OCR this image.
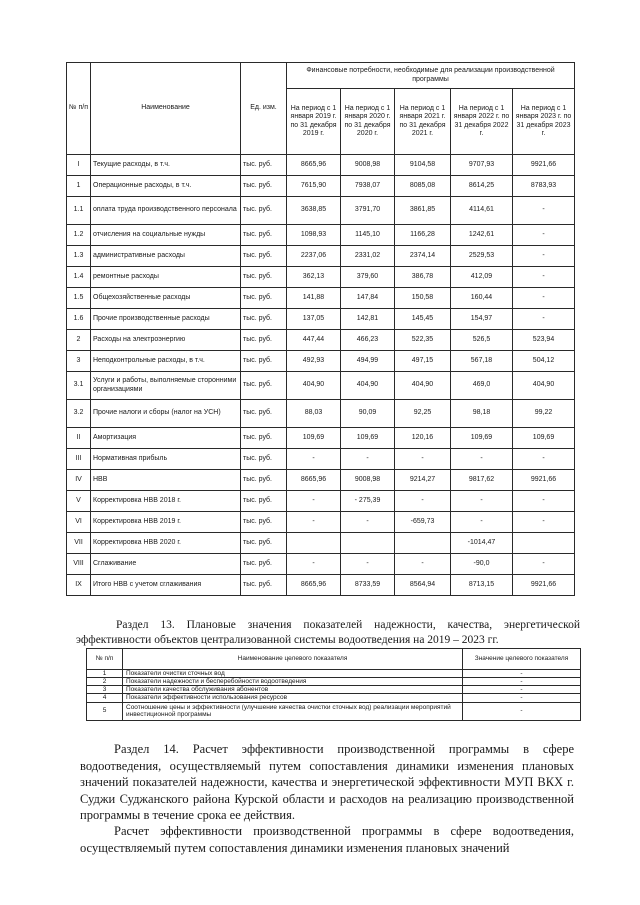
№ п/п	Наименование	Ед. изм.	Финансовые потребности, необходимые для реализации производственной программы				
			На период с 1 января 2019 г. по 31 декабря 2019 г.	На период с 1 января 2020 г. по 31 декабря 2020 г.	На период с 1 января 2021 г. по 31 декабря 2021 г.	На период с 1 января 2022 г. по 31 декабря 2022 г.	На период с 1 января 2023 г. по 31 декабря 2023 г.
I	Текущие расходы, в т.ч.	тыс. руб.	8665,96	9008,98	9104,58	9707,93	9921,66
1	Операционные расходы, в т.ч.	тыс. руб.	7615,90	7938,07	8085,08	8614,25	8783,93
1.1	оплата труда производственного персонала	тыс. руб.	3638,85	3791,70	3861,85	4114,61	-
1.2	отчисления на социальные нужды	тыс. руб.	1098,93	1145,10	1166,28	1242,61	-
1.3	административные расходы	тыс. руб.	2237,06	2331,02	2374,14	2529,53	-
1.4	ремонтные расходы	тыс. руб.	362,13	379,60	386,78	412,09	-
1.5	Общехозяйственные расходы	тыс. руб.	141,88	147,84	150,58	160,44	-
1.6	Прочие производственные расходы	тыс. руб.	137,05	142,81	145,45	154,97	-
2	Расходы на электроэнергию	тыс. руб.	447,44	466,23	522,35	526,5	523,94
3	Неподконтрольные расходы, в т.ч.	тыс. руб.	492,93	494,99	497,15	567,18	504,12
3.1	Услуги и работы, выполняемые сторонними организациями	тыс. руб.	404,90	404,90	404,90	469,0	404,90
3.2	Прочие налоги и сборы (налог на УСН)	тыс. руб.	88,03	90,09	92,25	98,18	99,22
II	Амортизация	тыс. руб.	109,69	109,69	120,16	109,69	109,69
III	Нормативная прибыль	тыс. руб.	-	-	-	-	-
IV	НВВ	тыс. руб.	8665,96	9008,98	9214,27	9817,62	9921,66
V	Корректировка НВВ 2018 г.	тыс. руб.	-	- 275,39	-	-	-
VI	Корректировка НВВ 2019 г.	тыс. руб.	-	-	-659,73	-	-
VII	Корректировка НВВ 2020 г.	тыс. руб.				-1014,47	
VIII	Сглаживание	тыс. руб.	-	-	-	-90,0	-
IX	Итого НВВ с учетом сглаживания	тыс. руб.	8665,96	8733,59	8564,94	8713,15	9921,66
Раздел 13. Плановые значения показателей надежности, качества, энергетической эффективности объектов централизованной системы водоотведения на 2019 – 2023 гг.
№ п/п	Наименование целевого показателя	Значение целевого показателя
1	Показатели очистки сточных вод	-
2	Показатели надежности и бесперебойности водоотведения	-
3	Показатели качества обслуживания абонентов	-
4	Показатели эффективности использования ресурсов	-
5	Соотношение цены и эффективности (улучшение качества очистки сточных вод) реализации мероприятий инвестиционной программы	-
Раздел 14. Расчет эффективности производственной программы в сфере водоотведения, осуществляемый путем сопоставления динамики изменения плановых значений показателей надежности, качества и энергетической эффективности МУП ВКХ г. Суджи Суджанского района Курской области и расходов на реализацию производственной программы в течение срока ее действия.
Расчет эффективности производственной программы в сфере водоотведения, осуществляемый путем сопоставления динамики изменения плановых значений
